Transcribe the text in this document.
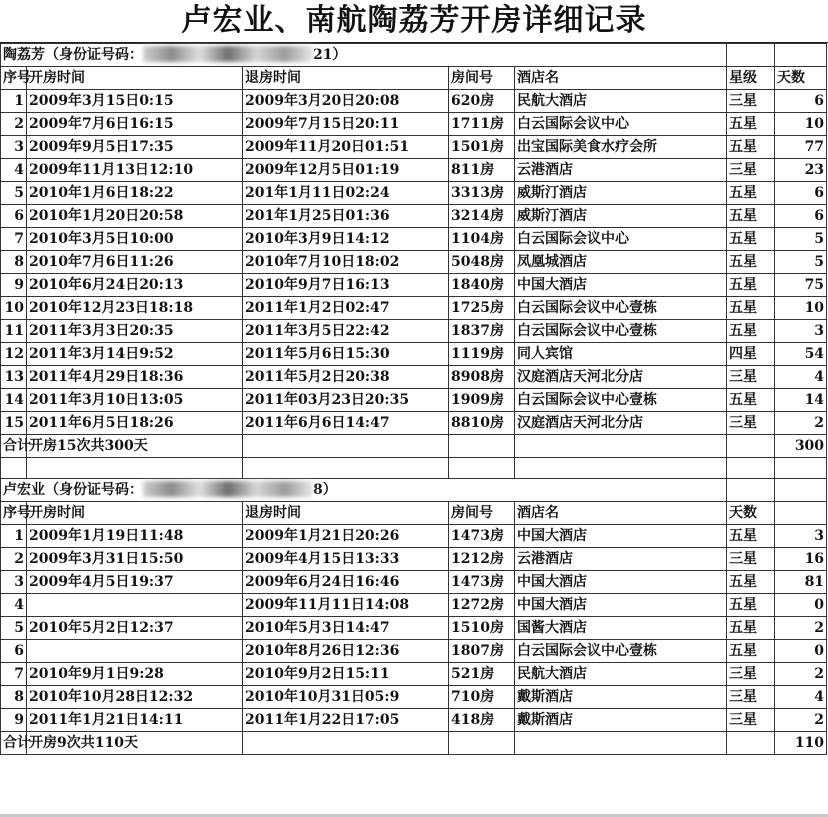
卢宏业、南航陶荔芳开房详细记录
陶荔芳（身份证号码： 21）						
序号	开房时间	退房时间	房间号	酒店名	星级	天数
1	2009年3月15日0:15	2009年3月20日20:08	620房	民航大酒店	三星	6
2	2009年7月6日16:15	2009年7月15日20:11	1711房	白云国际会议中心	五星	10
3	2009年9月5日17:35	2009年11月20日01:51	1501房	岀宝国际美食水疗会所	五星	77
4	2009年11月13日12:10	2009年12月5日01:19	811房	云港酒店	三星	23
5	2010年1月6日18:22	201年1月11日02:24	3313房	威斯汀酒店	五星	6
6	2010年1月20日20:58	201年1月25日01:36	3214房	威斯汀酒店	五星	6
7	2010年3月5日10:00	2010年3月9日14:12	1104房	白云国际会议中心	五星	5
8	2010年7月6日11:26	2010年7月10日18:02	5048房	凤凰城酒店	五星	5
9	2010年6月24日20:13	2010年9月7日16:13	1840房	中国大酒店	五星	75
10	2010年12月23日18:18	2011年1月2日02:47	1725房	白云国际会议中心壹栋	五星	10
11	2011年3月3日20:35	2011年3月5日22:42	1837房	白云国际会议中心壹栋	五星	3
12	2011年3月14日9:52	2011年5月6日15:30	1119房	同人宾馆	四星	54
13	2011年4月29日18:36	2011年5月2日20:38	8908房	汉庭酒店天河北分店	三星	4
14	2011年3月10日13:05	2011年03月23日20:35	1909房	白云国际会议中心壹栋	五星	14
15	2011年6月5日18:26	2011年6月6日14:47	8810房	汉庭酒店天河北分店	三星	2
合计	开房15次共300天					300

卢宏业（身份证号码： 8）						
序号	开房时间	退房时间	房间号	酒店名	天数	
1	2009年1月19日11:48	2009年1月21日20:26	1473房	中国大酒店	五星	3
2	2009年3月31日15:50	2009年4月15日13:33	1212房	云港酒店	三星	16
3	2009年4月5日19:37	2009年6月24日16:46	1473房	中国大酒店	五星	81
4		2009年11月11日14:08	1272房	中国大酒店	五星	0
5	2010年5月2日12:37	2010年5月3日14:47	1510房	国酱大酒店	五星	2
6		2010年8月26日12:36	1807房	白云国际会议中心壹栋	五星	0
7	2010年9月1日9:28	2010年9月2日15:11	521房	民航大酒店	三星	2
8	2010年10月28日12:32	2010年10月31日05:9	710房	戴斯酒店	三星	4
9	2011年1月21日14:11	2011年1月22日17:05	418房	戴斯酒店	三星	2
合计	开房9次共110天					110
